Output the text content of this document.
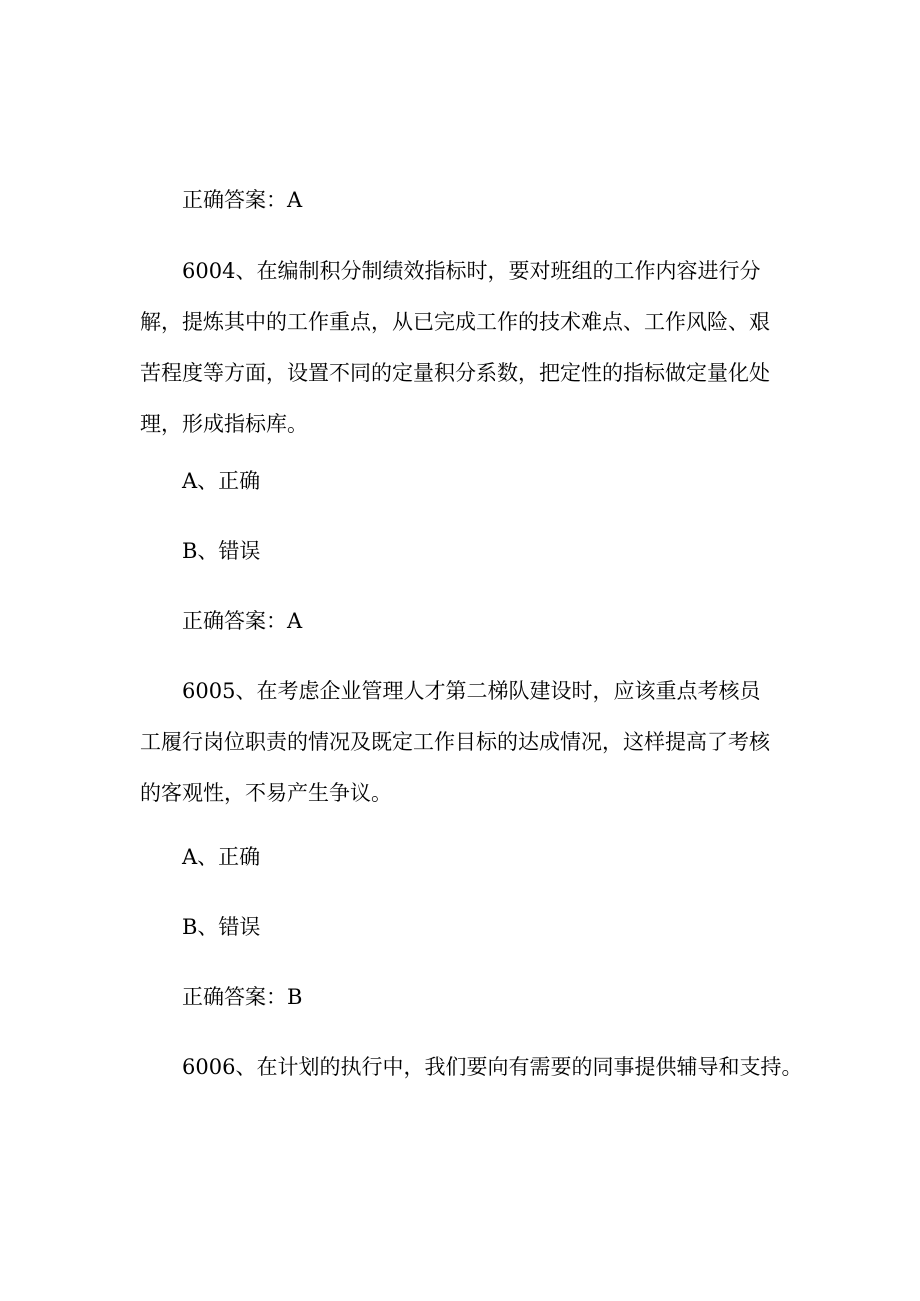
正确答案：A
6004、在编制积分制绩效指标时，要对班组的工作内容进行分解，提炼其中的工作重点，从已完成工作的技术难点、工作风险、艰苦程度等方面，设置不同的定量积分系数，把定性的指标做定量化处理，形成指标库。
A、正确
B、错误
正确答案：A
6005、在考虑企业管理人才第二梯队建设时，应该重点考核员工履行岗位职责的情况及既定工作目标的达成情况，这样提高了考核的客观性，不易产生争议。
A、正确
B、错误
正确答案：B
6006、在计划的执行中，我们要向有需要的同事提供辅导和支持。
